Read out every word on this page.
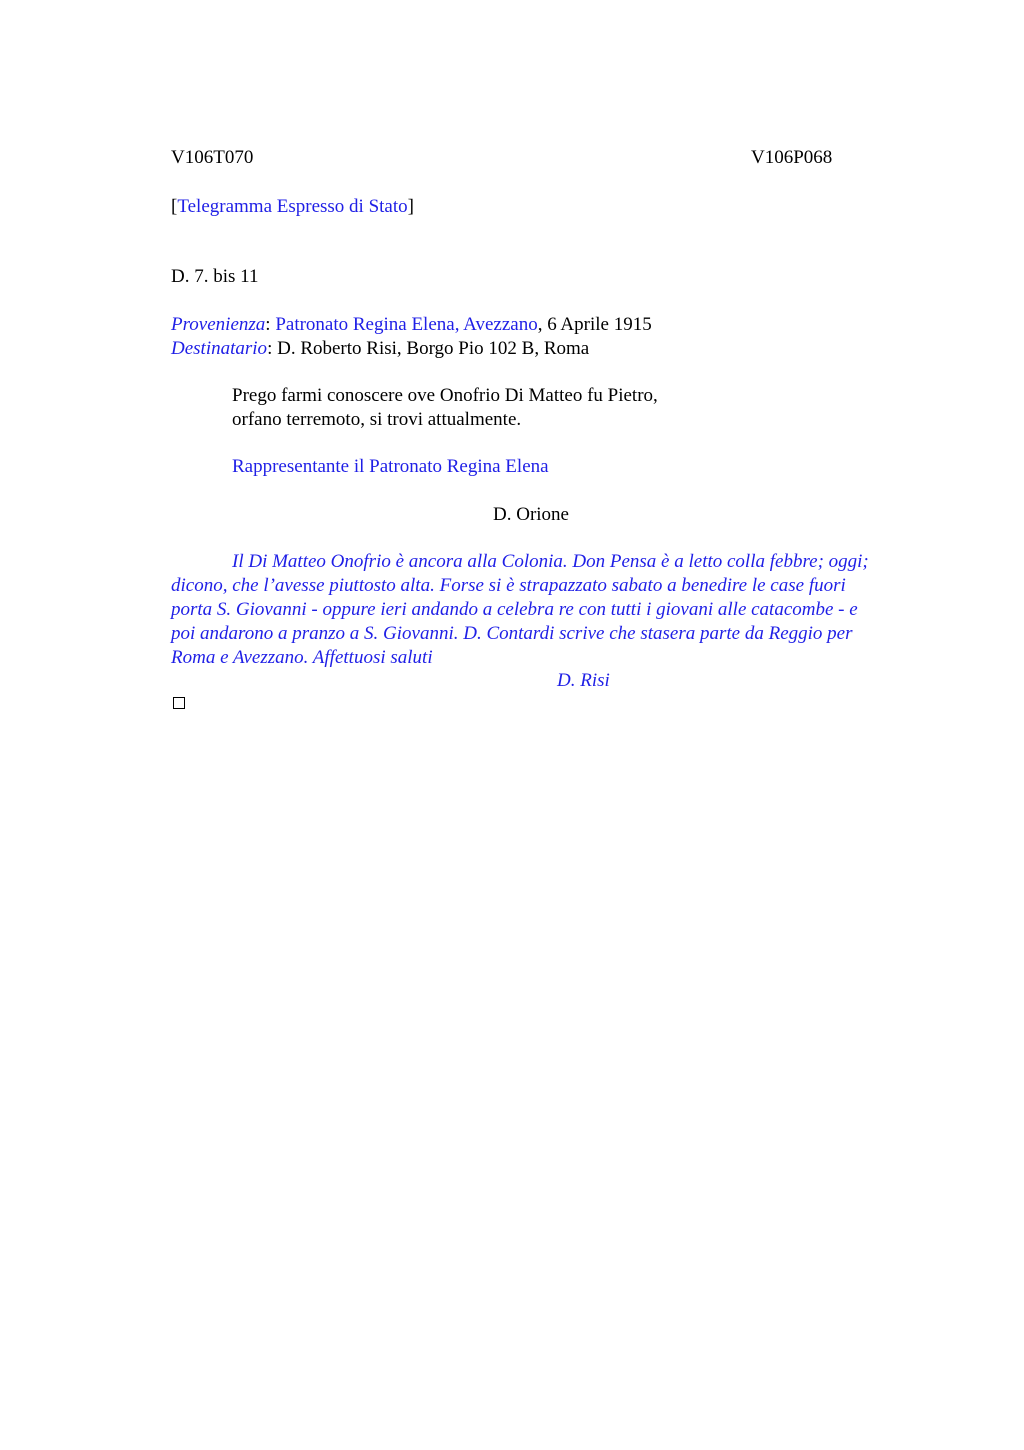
V106T070	V106P068
[Telegramma Espresso di Stato]
D. 7. bis 11
Provenienza: Patronato Regina Elena, Avezzano, 6 Aprile 1915
Destinatario: D. Roberto Risi, Borgo Pio 102 B, Roma
Prego farmi conoscere ove Onofrio Di Matteo fu Pietro,
orfano terremoto, si trovi attualmente.
Rappresentante il Patronato Regina Elena
D. Orione
Il Di Matteo Onofrio è ancora alla Colonia. Don Pensa è a letto colla febbre; oggi;
dicono, che l’avesse piuttosto alta. Forse si è strapazzato sabato a benedire le case fuori
porta S. Giovanni - oppure ieri andando a celebra re con tutti i giovani alle catacombe - e
poi andarono a pranzo a S. Giovanni. D. Contardi scrive che stasera parte da Reggio per
Roma e Avezzano. Affettuosi saluti
D. Risi
